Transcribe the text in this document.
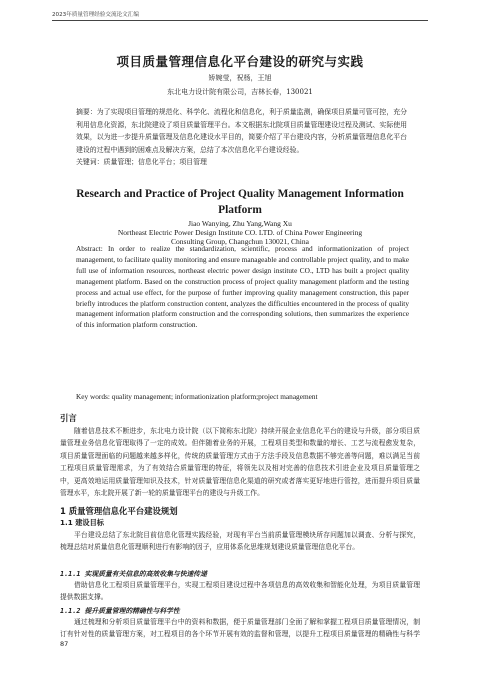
2023年质量管理经验交流论文汇编
项目质量管理信息化平台建设的研究与实践
矫婉莹，祝杨，王旭
东北电力设计院有限公司，吉林长春，130021
摘要：为了实现项目管理的规范化、科学化、流程化和信息化，利于质量监测，确保项目质量可管可控，充分利用信息化资源，东北院建设了项目质量管理平台。本文根据东北院项目质量管理建设过程及测试、实际使用效果，以为进一步提升质量管理及信息化建设水平目的，简要介绍了平台建设内容，分析质量管理信息化平台建设的过程中遇到的困难点及解决方案，总结了本次信息化平台建设经验。
关键词：质量管理；信息化平台；项目管理
Research and Practice of Project Quality Management Information Platform
Jiao Wanying, Zhu Yang,Wang Xu
Northeast Electric Power Design Institute CO. LTD. of China Power Engineering
Consulting Group, Changchun 130021, China
Abstract: In order to realize the standardization, scientific, process and informationization of project management, to facilitate quality monitoring and ensure manageable and controllable project quality, and to make full use of information resources, northeast electric power design institute CO., LTD has built a project quality management platform. Based on the construction process of project quality management platform and the testing process and actual use effect, for the purpose of further improving quality management construction, this paper briefly introduces the platform construction content, analyzes the difficulties encountered in the process of quality management information platform construction and the corresponding solutions, then summarizes the experience of this information platform construction.
Key words: quality management; informationization platform;project management
引言
随着信息技术不断进步，东北电力设计院（以下简称东北院）持续开展企业信息化平台的建设与升级，部分项目质量管理业务信息化管理取得了一定的成效。但伴随着业务的开展，工程项目类型和数量的增长、工艺与流程愈发复杂，项目质量管理面临的问题越来越多样化，传统的质量管理方式由于方法手段及信息数据不够完善等问题，难以满足当前工程项目质量管理需求，为了有效结合质量管理的特征，将领先以及相对完善的信息技术引进企业及项目质量管理之中，更高效地运用质量管理知识及技术，针对质量管理信息化渠道的研究或者落实更好地进行管控，进而提升项目质量管理水平，东北院开展了新一轮的质量管理平台的建设与升级工作。
1 质量管理信息化平台建设规划
1.1 建设目标
平台建设总结了东北院目前信息化管理实践经验，对现有平台当前质量管理模块所存问题加以调查、分析与探究，梳理总结对质量信息化管理顺利进行有影响的因子，应用体系化思维规划建设质量管理信息化平台。
1.1.1 实现质量有关信息的高效收集与快速传递
借助信息化工程项目质量管理平台，实现工程项目建设过程中各项信息的高效收集和智能化处理，为项目质量管理提供数据支撑。
1.1.2 提升质量管理的精确性与科学性
通过梳理和分析项目质量管理平台中的资料和数据，便于质量管理部门全面了解和掌握工程项目质量管理情况，制订有针对性的质量管理方案，对工程项目的各个环节开展有效的监督和管理，以提升工程项目质量管理的精确性与科学
87
